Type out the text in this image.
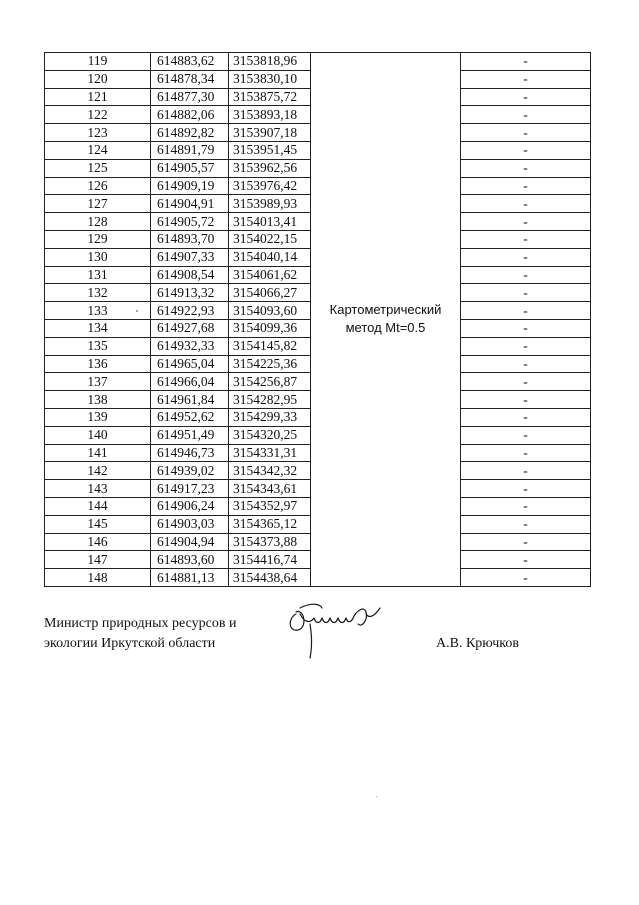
119	614883,62	3153818,96	Картометрический метод Mt=0.5	-
120	614878,34	3153830,10		-
121	614877,30	3153875,72		-
122	614882,06	3153893,18		-
123	614892,82	3153907,18		-
124	614891,79	3153951,45		-
125	614905,57	3153962,56		-
126	614909,19	3153976,42		-
127	614904,91	3153989,93		-
128	614905,72	3154013,41		-
129	614893,70	3154022,15		-
130	614907,33	3154040,14		-
131	614908,54	3154061,62		-
132	614913,32	3154066,27		-
133	614922,93	3154093,60		-
134	614927,68	3154099,36		-
135	614932,33	3154145,82		-
136	614965,04	3154225,36		-
137	614966,04	3154256,87		-
138	614961,84	3154282,95		-
139	614952,62	3154299,33		-
140	614951,49	3154320,25		-
141	614946,73	3154331,31		-
142	614939,02	3154342,32		-
143	614917,23	3154343,61		-
144	614906,24	3154352,97		-
145	614903,03	3154365,12		-
146	614904,94	3154373,88		-
147	614893,60	3154416,74		-
148	614881,13	3154438,64		-
Министр природных ресурсов и
экологии Иркутской области	А.В. Крючков
